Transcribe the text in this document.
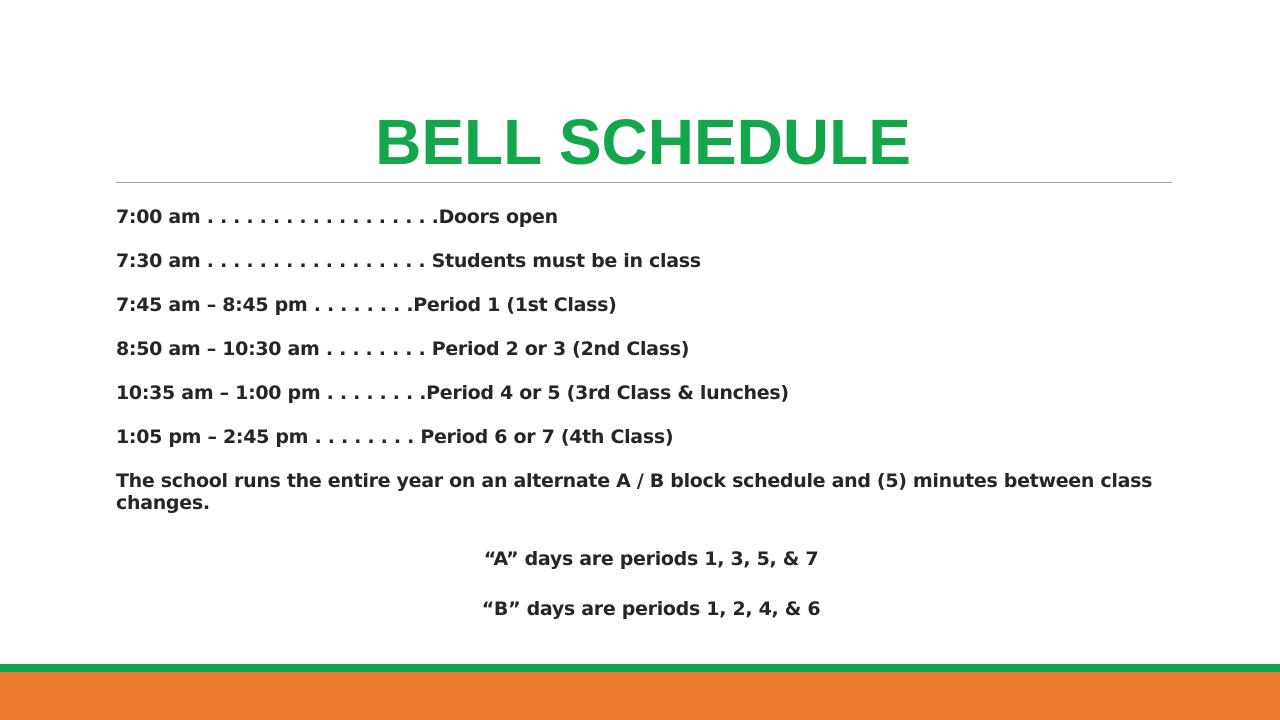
BELL SCHEDULE

7:00 am . . . . . . . . . . . . . . . . . .Doors open

7:30 am . . . . . . . . . . . . . . . . . Students must be in class

7:45 am – 8:45 pm . . . . . . . .Period 1 (1st Class)

8:50 am – 10:30 am . . . . . . . . Period 2 or 3 (2nd Class)

10:35 am – 1:00 pm . . . . . . . .Period 4 or 5 (3rd Class & lunches)

1:05 pm – 2:45 pm . . . . . . . . Period 6 or 7 (4th Class)

The school runs the entire year on an alternate A / B block schedule and (5) minutes between class changes.

“A” days are periods 1, 3, 5, & 7

“B” days are periods 1, 2, 4, & 6
